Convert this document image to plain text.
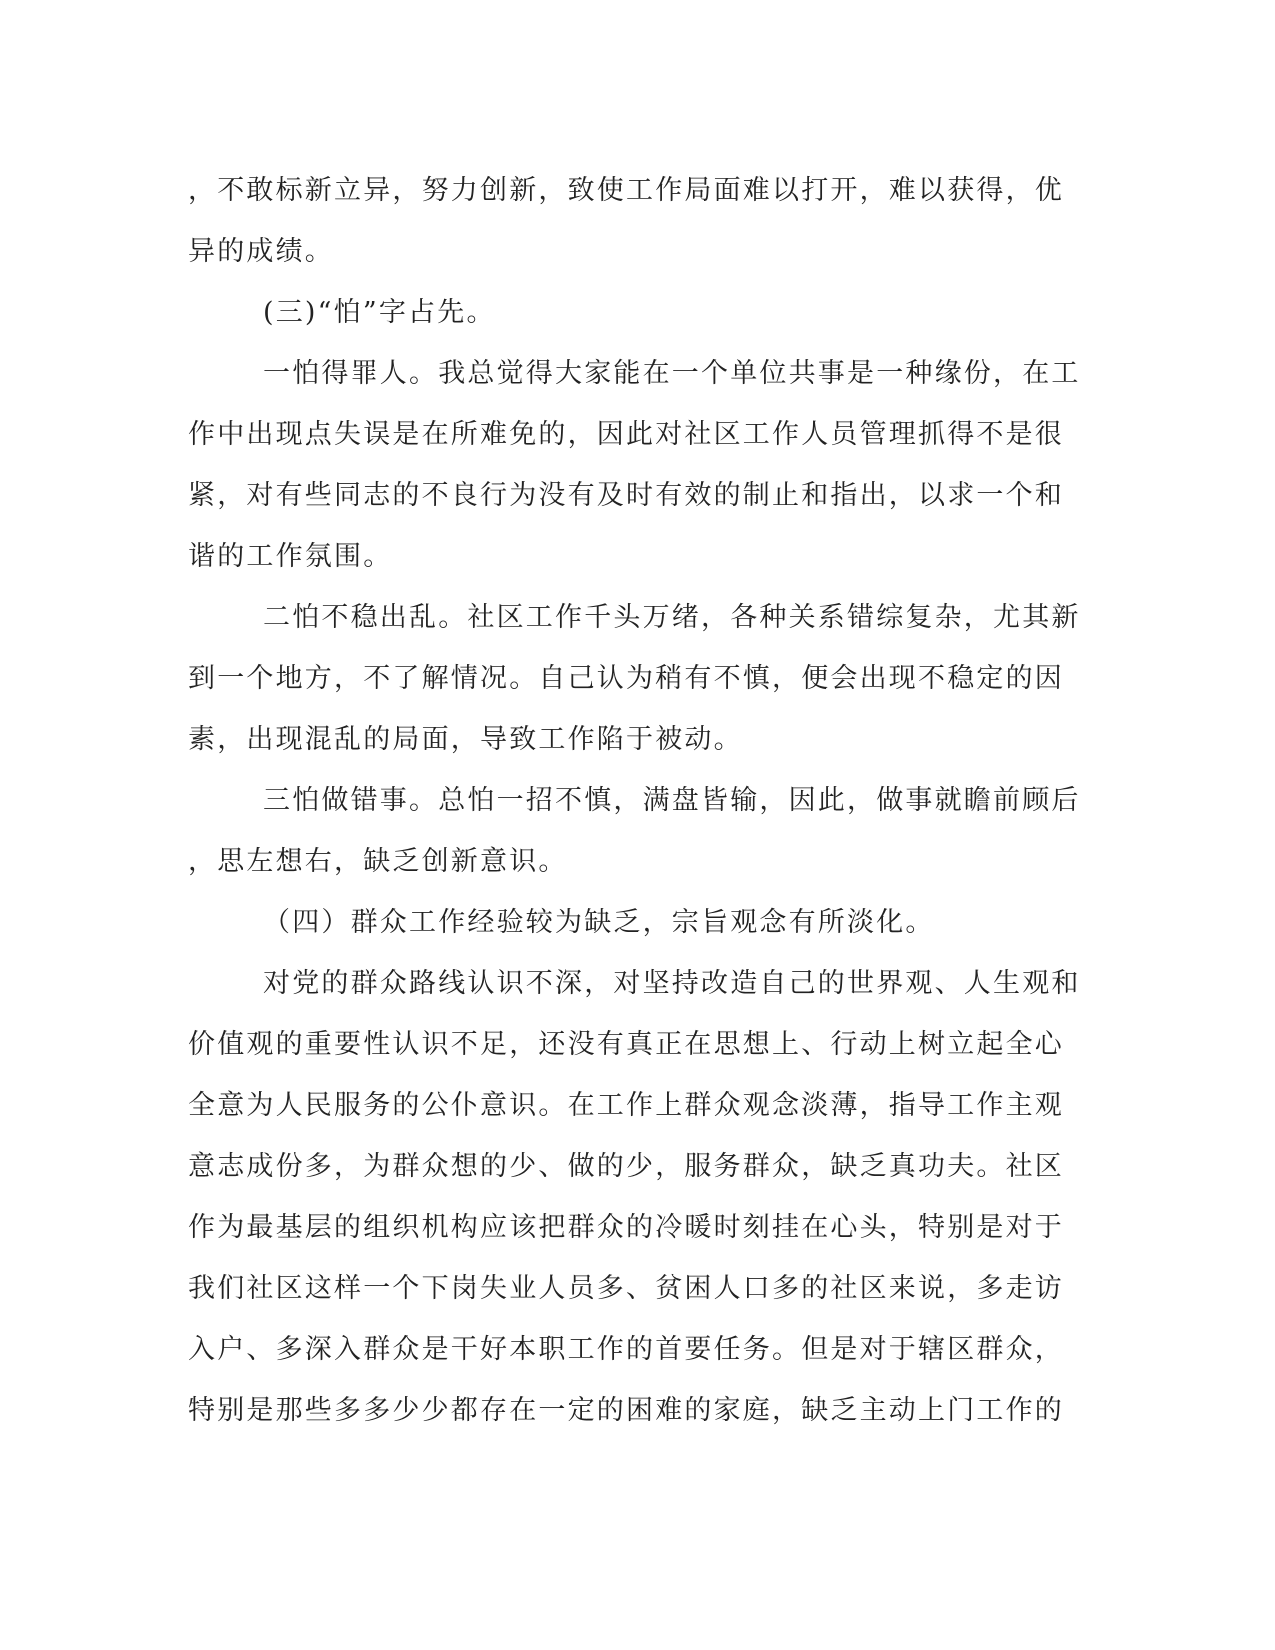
，不敢标新立异，努力创新，致使工作局面难以打开，难以获得，优
异的成绩。
(三)“怕”字占先。
一怕得罪人。我总觉得大家能在一个单位共事是一种缘份，在工
作中出现点失误是在所难免的，因此对社区工作人员管理抓得不是很
紧，对有些同志的不良行为没有及时有效的制止和指出，以求一个和
谐的工作氛围。
二怕不稳出乱。社区工作千头万绪，各种关系错综复杂，尤其新
到一个地方，不了解情况。自己认为稍有不慎，便会出现不稳定的因
素，出现混乱的局面，导致工作陷于被动。
三怕做错事。总怕一招不慎，满盘皆输，因此，做事就瞻前顾后
，思左想右，缺乏创新意识。
（四）群众工作经验较为缺乏，宗旨观念有所淡化。
对党的群众路线认识不深，对坚持改造自己的世界观、人生观和
价值观的重要性认识不足，还没有真正在思想上、行动上树立起全心
全意为人民服务的公仆意识。在工作上群众观念淡薄，指导工作主观
意志成份多，为群众想的少、做的少，服务群众，缺乏真功夫。社区
作为最基层的组织机构应该把群众的冷暖时刻挂在心头，特别是对于
我们社区这样一个下岗失业人员多、贫困人口多的社区来说，多走访
入户、多深入群众是干好本职工作的首要任务。但是对于辖区群众，
特别是那些多多少少都存在一定的困难的家庭，缺乏主动上门工作的
